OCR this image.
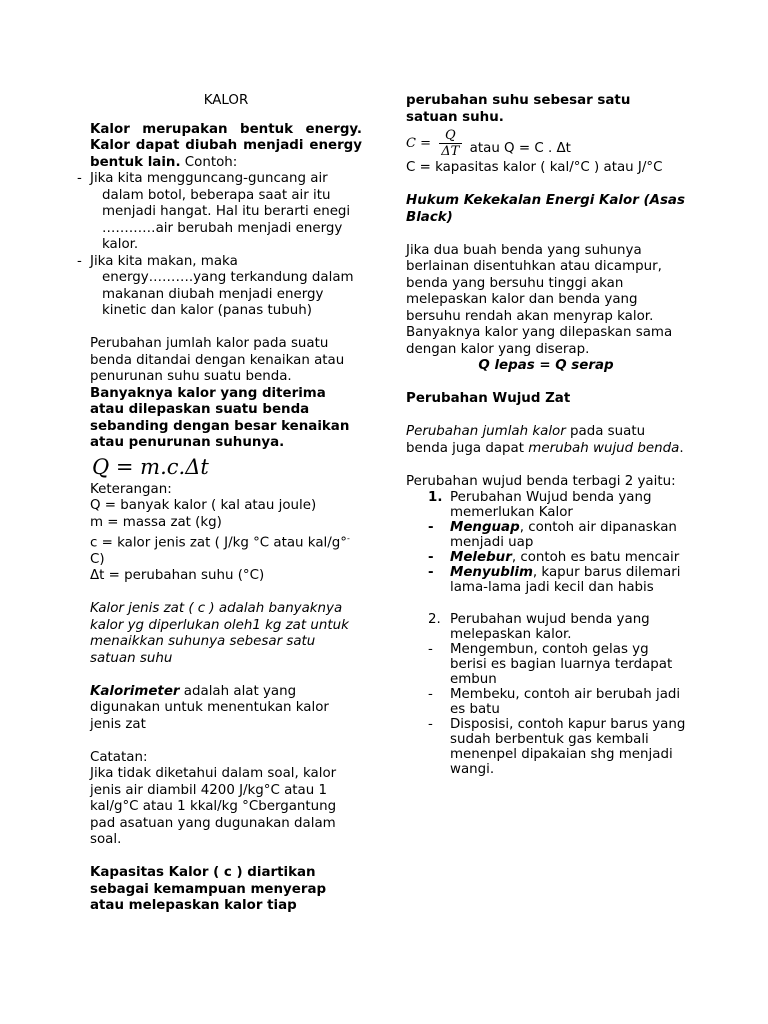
KALOR

Kalor merupakan bentuk energy. Kalor dapat diubah menjadi energy bentuk lain. Contoh:

- Jika kita mengguncang-guncang air

dalam botol, beberapa saat air itu

menjadi hangat. Hal itu berarti enegi

…………air berubah menjadi energy

kalor.

- Jika kita makan, maka

energy……….yang terkandung dalam

makanan diubah menjadi energy

kinetic dan kalor (panas tubuh)

Perubahan jumlah kalor pada suatu benda ditandai dengan kenaikan atau penurunan suhu suatu benda.

Banyaknya kalor yang diterima atau dilepaskan suatu benda sebanding dengan besar kenaikan atau penurunan suhunya.

Q = m.c.Δt

Keterangan:

Q = banyak kalor ( kal atau joule)

m = massa zat (kg)

c = kalor jenis zat ( J/kg °C atau kal/g°-

C)

Δt = perubahan suhu (°C)

Kalor jenis zat ( c ) adalah banyaknya kalor yg diperlukan oleh1 kg zat untuk menaikkan suhunya sebesar satu satuan suhu

Kalorimeter adalah alat yang digunakan untuk menentukan kalor jenis zat

Catatan:

Jika tidak diketahui dalam soal, kalor jenis air diambil 4200 J/kg°C atau 1 kal/g°C atau 1 kkal/kg °Cbergantung pad asatuan yang dugunakan dalam soal.

Kapasitas Kalor ( c ) diartikan sebagai kemampuan menyerap atau melepaskan kalor tiap

perubahan suhu sebesar satu satuan suhu.

$C = \frac{Q}{\Delta T}$ atau Q = C . Δt

C = kapasitas kalor ( kal/°C ) atau J/°C

Hukum Kekekalan Energi Kalor (Asas Black)

Jika dua buah benda yang suhunya berlainan disentuhkan atau dicampur, benda yang bersuhu tinggi akan melepaskan kalor dan benda yang bersuhu rendah akan menyrap kalor. Banyaknya kalor yang dilepaskan sama dengan kalor yang diserap.

Q lepas = Q serap

Perubahan Wujud Zat

Perubahan jumlah kalor pada suatu benda juga dapat merubah wujud benda.

Perubahan wujud benda terbagi 2 yaitu:

1. Perubahan Wujud benda yang memerlukan Kalor
-	Menguap, contoh air dipanaskan menjadi uap
-	Melebur, contoh es batu mencair
-	Menyublim, kapur barus dilemari lama-lama jadi kecil dan habis
2. Perubahan wujud benda yang melepaskan kalor.
-	Mengembun, contoh gelas yg berisi es bagian luarnya terdapat embun
-	Membeku, contoh air berubah jadi es batu
-	Disposisi, contoh kapur barus yang sudah berbentuk gas kembali menenpel dipakaian shg menjadi wangi.
